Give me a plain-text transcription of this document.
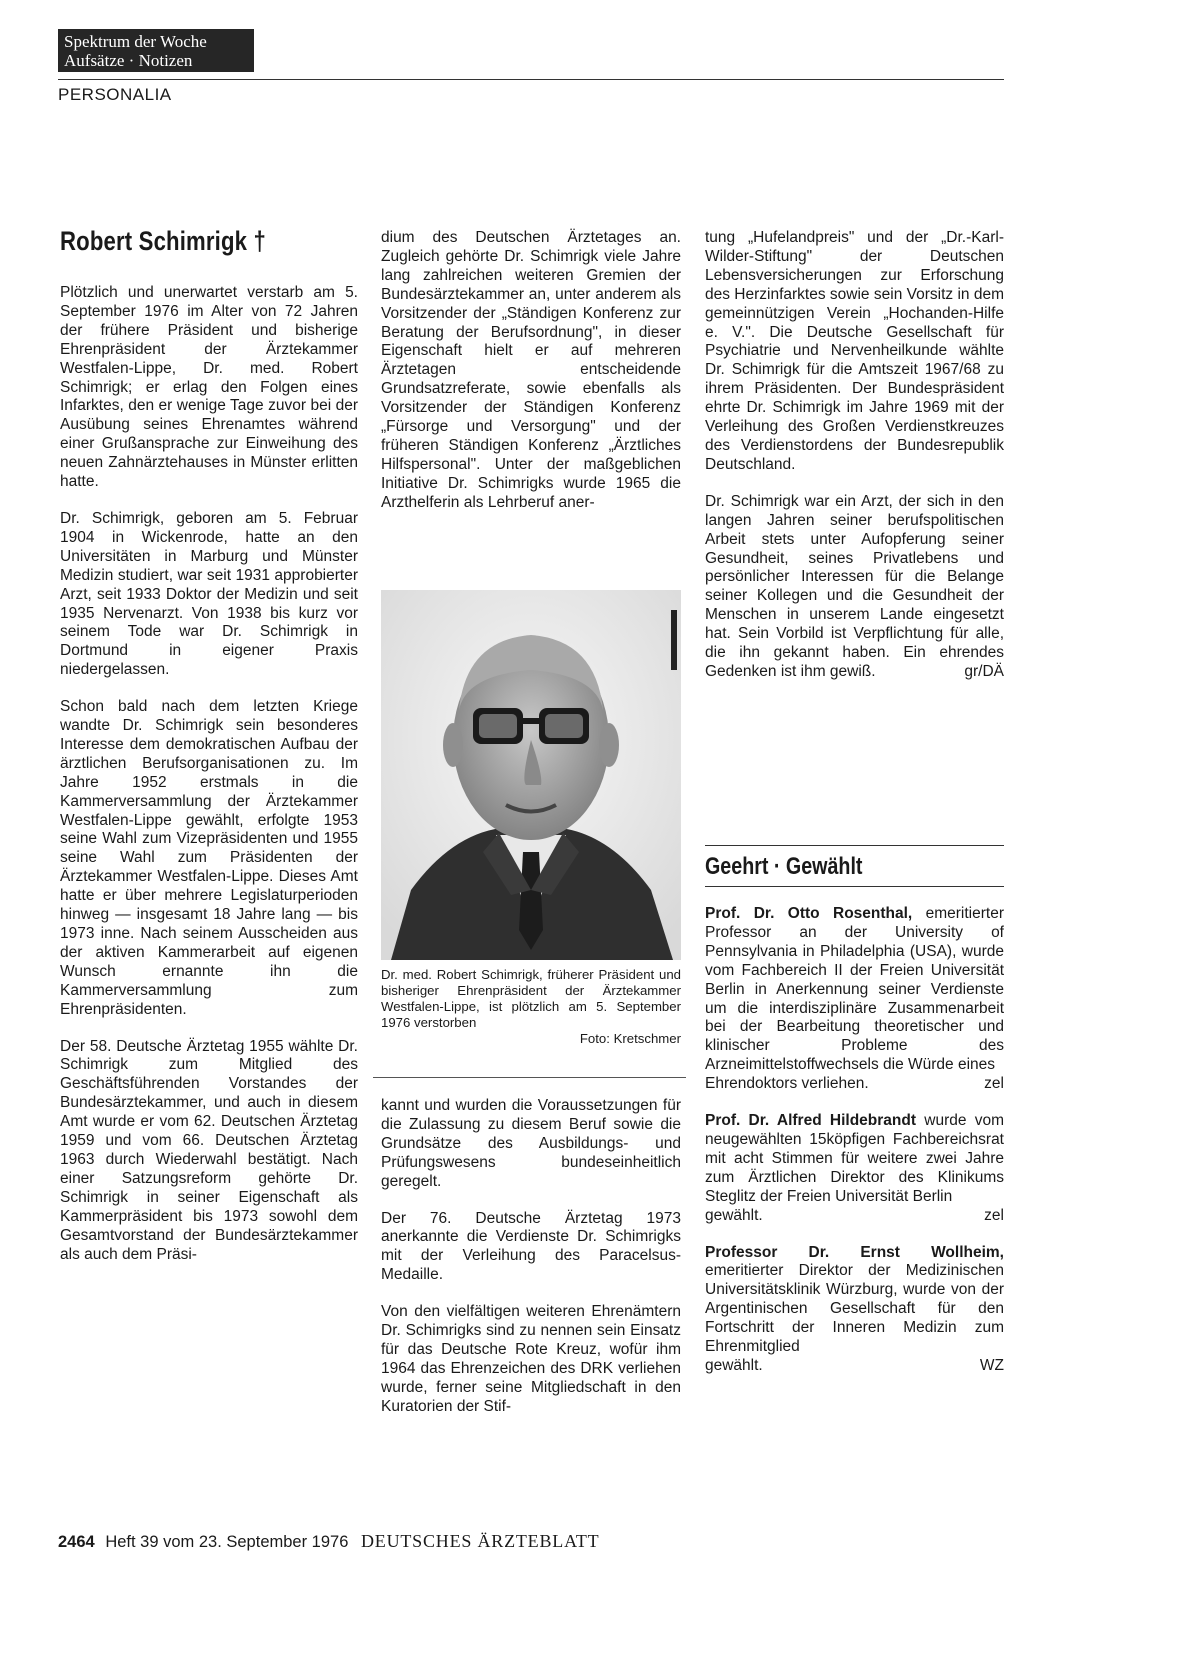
Spektrum der Woche
Aufsätze · Notizen
PERSONALIA
Robert Schimrigk †

Plötzlich und unerwartet verstarb am 5. September 1976 im Alter von 72 Jahren der frühere Präsident und bisherige Ehrenpräsident der Ärztekammer Westfalen-Lippe, Dr. med. Robert Schimrigk; er erlag den Folgen eines Infarktes, den er wenige Tage zuvor bei der Ausübung seines Ehrenamtes während einer Grußansprache zur Einweihung des neuen Zahnärztehauses in Münster erlitten hatte.

Dr. Schimrigk, geboren am 5. Februar 1904 in Wickenrode, hatte an den Universitäten in Marburg und Münster Medizin studiert, war seit 1931 approbierter Arzt, seit 1933 Doktor der Medizin und seit 1935 Nervenarzt. Von 1938 bis kurz vor seinem Tode war Dr. Schimrigk in Dortmund in eigener Praxis niedergelassen.

Schon bald nach dem letzten Kriege wandte Dr. Schimrigk sein besonderes Interesse dem demokratischen Aufbau der ärztlichen Berufsorganisationen zu. Im Jahre 1952 erstmals in die Kammerversammlung der Ärztekammer Westfalen-Lippe gewählt, erfolgte 1953 seine Wahl zum Vizepräsidenten und 1955 seine Wahl zum Präsidenten der Ärztekammer Westfalen-Lippe. Dieses Amt hatte er über mehrere Legislaturperioden hinweg — insgesamt 18 Jahre lang — bis 1973 inne. Nach seinem Ausscheiden aus der aktiven Kammerarbeit auf eigenen Wunsch ernannte ihn die Kammerversammlung zum Ehrenpräsidenten.

Der 58. Deutsche Ärztetag 1955 wählte Dr. Schimrigk zum Mitglied des Geschäftsführenden Vorstandes der Bundesärztekammer, und auch in diesem Amt wurde er vom 62. Deutschen Ärztetag 1959 und vom 66. Deutschen Ärztetag 1963 durch Wiederwahl bestätigt. Nach einer Satzungsreform gehörte Dr. Schimrigk in seiner Eigenschaft als Kammerpräsident bis 1973 sowohl dem Gesamtvorstand der Bundesärztekammer als auch dem Präsi-

dium des Deutschen Ärztetages an. Zugleich gehörte Dr. Schimrigk viele Jahre lang zahlreichen weiteren Gremien der Bundesärztekammer an, unter anderem als Vorsitzender der „Ständigen Konferenz zur Beratung der Berufsordnung", in dieser Eigenschaft hielt er auf mehreren Ärztetagen entscheidende Grundsatzreferate, sowie ebenfalls als Vorsitzender der Ständigen Konferenz „Fürsorge und Versorgung" und der früheren Ständigen Konferenz „Ärztliches Hilfspersonal". Unter der maßgeblichen Initiative Dr. Schimrigks wurde 1965 die Arzthelferin als Lehrberuf aner-

Dr. med. Robert Schimrigk, früherer Präsident und bisheriger Ehrenpräsident der Ärztekammer Westfalen-Lippe, ist plötzlich am 5. September 1976 verstorben
Foto: Kretschmer

kannt und wurden die Voraussetzungen für die Zulassung zu diesem Beruf sowie die Grundsätze des Ausbildungs- und Prüfungswesens bundeseinheitlich geregelt.

Der 76. Deutsche Ärztetag 1973 anerkannte die Verdienste Dr. Schimrigks mit der Verleihung des Paracelsus-Medaille.

Von den vielfältigen weiteren Ehrenämtern Dr. Schimrigks sind zu nennen sein Einsatz für das Deutsche Rote Kreuz, wofür ihm 1964 das Ehrenzeichen des DRK verliehen wurde, ferner seine Mitgliedschaft in den Kuratorien der Stif-

tung „Hufelandpreis" und der „Dr.-Karl-Wilder-Stiftung" der Deutschen Lebensversicherungen zur Erforschung des Herzinfarktes sowie sein Vorsitz in dem gemeinnützigen Verein „Hochanden-Hilfe e. V.". Die Deutsche Gesellschaft für Psychiatrie und Nervenheilkunde wählte Dr. Schimrigk für die Amtszeit 1967/68 zu ihrem Präsidenten. Der Bundespräsident ehrte Dr. Schimrigk im Jahre 1969 mit der Verleihung des Großen Verdienstkreuzes des Verdienstordens der Bundesrepublik Deutschland.

Dr. Schimrigk war ein Arzt, der sich in den langen Jahren seiner berufspolitischen Arbeit stets unter Aufopferung seiner Gesundheit, seines Privatlebens und persönlicher Interessen für die Belange seiner Kollegen und die Gesundheit der Menschen in unserem Lande eingesetzt hat. Sein Vorbild ist Verpflichtung für alle, die ihn gekannt haben. Ein ehrendes Gedenken ist ihm gewiß.	gr/DÄ

Geehrt · Gewählt

Prof. Dr. Otto Rosenthal, emeritierter Professor an der University of Pennsylvania in Philadelphia (USA), wurde vom Fachbereich II der Freien Universität Berlin in Anerkennung seiner Verdienste um die interdisziplinäre Zusammenarbeit bei der Bearbeitung theoretischer und klinischer Probleme des Arzneimittelstoffwechsels die Würde eines
Ehrendoktors verliehen.	zel

Prof. Dr. Alfred Hildebrandt wurde vom neugewählten 15köpfigen Fachbereichsrat mit acht Stimmen für weitere zwei Jahre zum Ärztlichen Direktor des Klinikums Steglitz der Freien Universität Berlin
gewählt.	zel

Professor Dr. Ernst Wollheim, emeritierter Direktor der Medizinischen Universitätsklinik Würzburg, wurde von der Argentinischen Gesellschaft für den Fortschritt der Inneren Medizin zum Ehrenmitglied
gewählt.	WZ

2464 Heft 39 vom 23. September 1976 DEUTSCHES ÄRZTEBLATT
